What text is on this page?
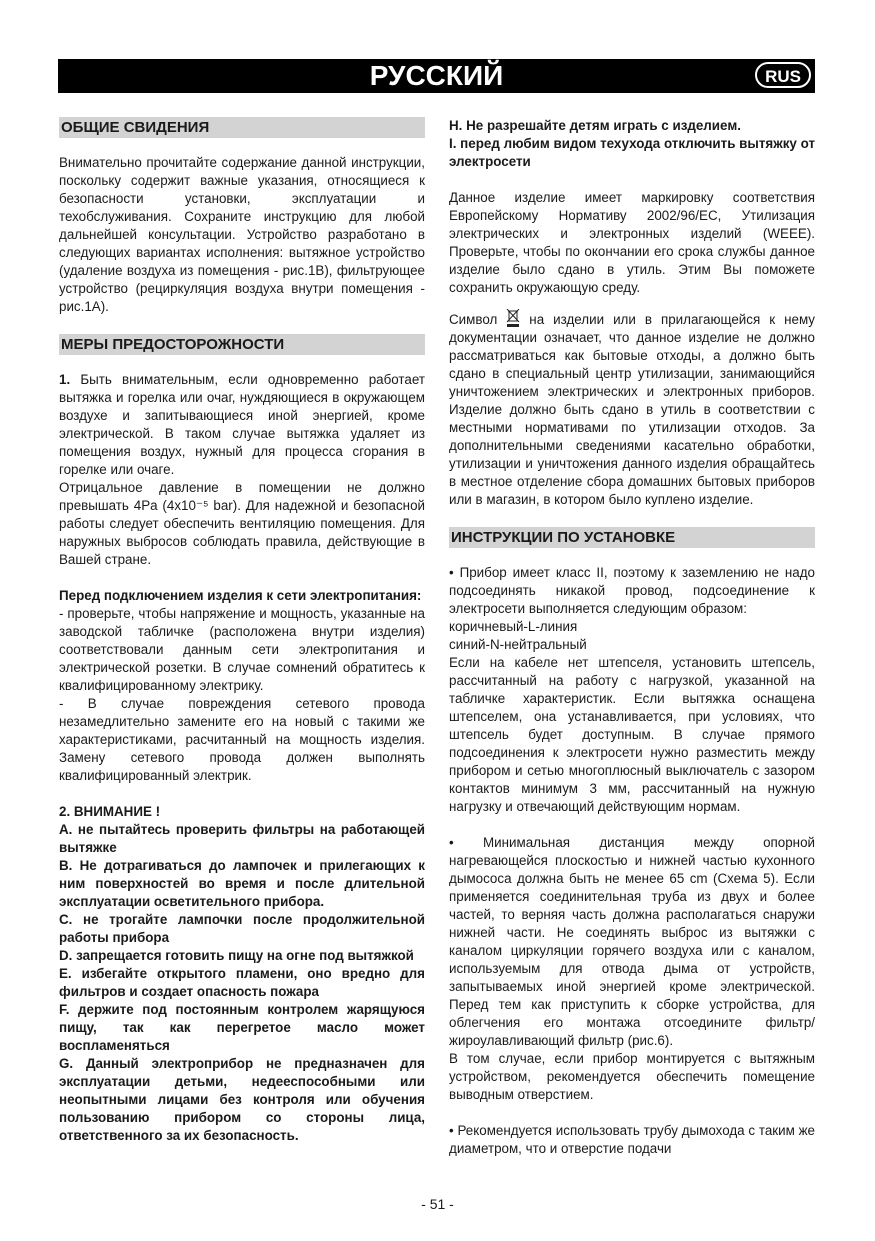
РУССКИЙ	RUS
ОБЩИЕ СВИДЕНИЯ

Внимательно прочитайте содержание данной инструкции, поскольку содержит важные указания, относящиеся к безопасности установки, эксплуатации и техобслуживания. Сохраните инструкцию для любой дальнейшей консультации. Устройство разработано в следующих вариантах исполнения: вытяжное устройство (удаление воздуха из помещения - рис.1B), фильтрующее устройство (рециркуляция воздуха внутри помещения - рис.1A).

МЕРЫ ПРЕДОСТОРОЖНОСТИ

1. Быть внимательным, если одновременно работает вытяжка и горелка или очаг, нуждяющиеся в окружающем воздухе и запитывающиеся иной энергией, кроме электрической. В таком случае вытяжка удаляет из помещения воздух, нужный для процесса сгорания в горелке или очаге.

Отрицальное давление в помещении не должно превышать 4Pa (4x10⁻⁵ bar). Для надежной и безопасной работы следует обеспечить вентиляцию помещения. Для наружных выбросов соблюдать правила, действующие в Вашей стране.

Перед подключением изделия к сети электропитания:

- проверьте, чтобы напряжение и мощность, указанные на заводской табличке (расположена внутри изделия) соответствовали данным сети электропитания и электрической розетки. В случае сомнений обратитесь к квалифицированному электрику.

- В случае повреждения сетевого провода незамедлительно замените его на новый с такими же характеристиками, расчитанный на мощность изделия. Замену сетевого провода должен выполнять квалифицированный электрик.

2. ВНИМАНИЕ !

A. не пытайтесь проверить фильтры на работающей вытяжке

B. Не дотрагиваться до лампочек и прилегающих к ним поверхностей во время и после длительной эксплуатации осветительного прибора.

C. не трогайте лампочки после продолжительной работы прибора

D. запрещается готовить пищу на огне под вытяжкой

E. избегайте открытого пламени, оно вредно для фильтров и создает опасность пожара

F. держите под постоянным контролем жарящуюся пищу, так как перегретое масло может воспламеняться

G. Данный электроприбор не предназначен для эксплуатации детьми, недееспособными или неопытными лицами без контроля или обучения пользованию прибором со стороны лица, ответственного за их безопасность.

H. Не разрешайте детям играть с изделием.

I. перед любим видом техухода отключить вытяжку от электросети

Данное изделие имеет маркировку соответствия Европейскому Нормативу 2002/96/EC, Утилизация электрических и электронных изделий (WEEE). Проверьте, чтобы по окончании его срока службы данное изделие было сдано в утиль. Этим Вы поможете сохранить окружающую среду.

Символ  на изделии или в прилагающейся к нему документации означает, что данное изделие не должно рассматриваться как бытовые отходы, а должно быть сдано в специальный центр утилизации, занимающийся уничтожением электрических и электронных приборов. Изделие должно быть сдано в утиль в соответствии с местными нормативами по утилизации отходов. За дополнительными сведениями касательно обработки, утилизации и уничтожения данного изделия обращайтесь в местное отделение сбора домашних бытовых приборов или в магазин, в котором было куплено изделие.

ИНСТРУКЦИИ ПО УСТАНОВКЕ

• Прибор имеет класс II, поэтому к заземлению не надо подсоединять никакой провод, подсоединение к электросети выполняется следующим образом:

коричневый-L-линия

синий-N-нейтральный

Если на кабеле нет штепселя, установить штепсель, рассчитанный на работу с нагрузкой, указанной на табличке характеристик. Если вытяжка оснащена штепселем, она устанавливается, при условиях, что штепсель будет доступным. В случае прямого подсоединения к электросети нужно разместить между прибором и сетью многоплюсный выключатель с зазором контактов минимум 3 мм, рассчитанный на нужную нагрузку и отвечающий действующим нормам.

• Минимальная дистанция между опорной нагревающейся плоскостью и нижней частью кухонного дымососа должна быть не менее 65 cm (Схема 5). Если применяется соединительная труба из двух и более частей, то верняя часть должна располагаться снаружи нижней части. Не соединять выброс из вытяжки с каналом циркуляции горячего воздуха или с каналом, используемым для отвода дыма от устройств, запытываемых иной энергией кроме электрической. Перед тем как приступить к сборке устройства, для облегчения его монтажа отсоедините фильтр/жироулавливающий фильтр (рис.6).

В том случае, если прибор монтируется с вытяжным устройством, рекомендуется обеспечить помещение выводным отверстием.

• Рекомендуется использовать трубу дымохода с таким же диаметром, что и отверстие подачи

- 51 -
